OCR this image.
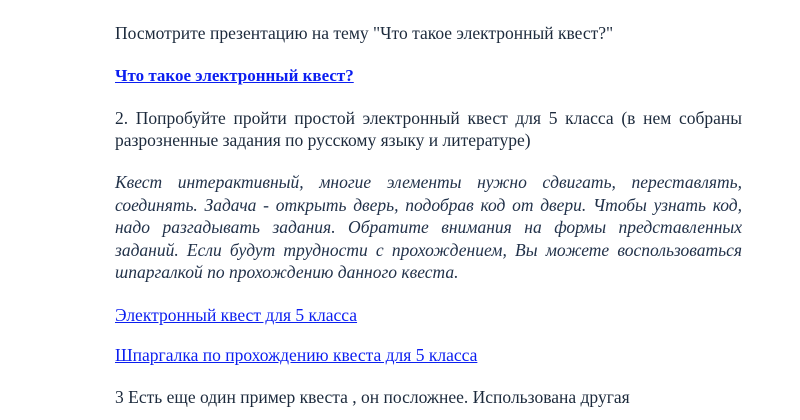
Посмотрите презентацию на тему "Что такое электронный квест?"
Что такое электронный квест?
2. Попробуйте пройти простой электронный квест для 5 класса (в нем собраны разрозненные задания по русскому языку и литературе)
Квест интерактивный, многие элементы нужно сдвигать, переставлять, соединять. Задача - открыть дверь, подобрав код от двери. Чтобы узнать код, надо разгадывать задания. Обратите внимания на формы представленных заданий. Если будут трудности с прохождением, Вы можете воспользоваться шпаргалкой по прохождению данного квеста.
Электронный квест для 5 класса
Шпаргалка по прохождению квеста для 5 класса
3 Есть еще один пример квеста , он посложнее. Использована другая
